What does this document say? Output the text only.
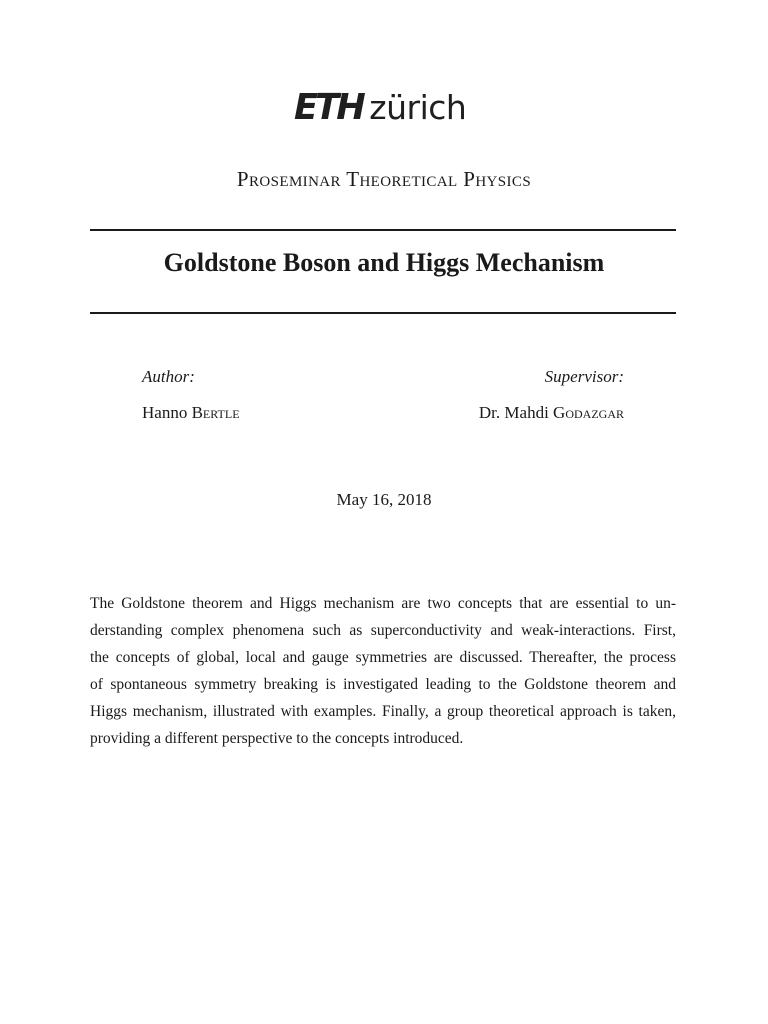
ETH zürich
Proseminar Theoretical Physics
Goldstone Boson and Higgs Mechanism
Author:
Hanno Bertle
Supervisor:
Dr. Mahdi Godazgar
May 16, 2018
The Goldstone theorem and Higgs mechanism are two concepts that are essential to un-
derstanding complex phenomena such as superconductivity and weak-interactions. First,
the concepts of global, local and gauge symmetries are discussed. Thereafter, the process
of spontaneous symmetry breaking is investigated leading to the Goldstone theorem and
Higgs mechanism, illustrated with examples. Finally, a group theoretical approach is taken,
providing a different perspective to the concepts introduced.
